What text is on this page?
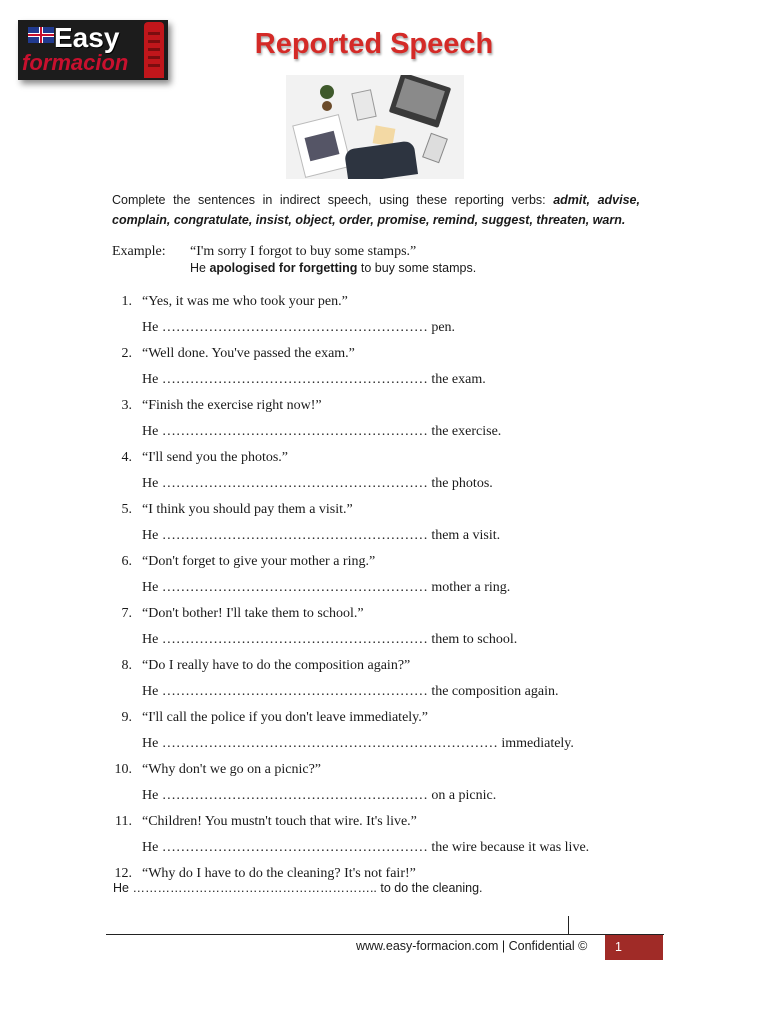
Easy
formacion
Reported Speech
Complete the sentences in indirect speech, using these reporting verbs: admit, advise, complain, congratulate, insist, object, order, promise, remind, suggest, threaten, warn.
Example: “I'm sorry I forgot to buy some stamps.”
He apologised for forgetting to buy some stamps.
1. “Yes, it was me who took your pen.”
He ………………………………………………… pen.
2. “Well done. You've passed the exam.”
He ………………………………………………… the exam.
3. “Finish the exercise right now!”
He ………………………………………………… the exercise.
4. “I'll send you the photos.”
He ………………………………………………… the photos.
5. “I think you should pay them a visit.”
He ………………………………………………… them a visit.
6. “Don't forget to give your mother a ring.”
He ………………………………………………… mother a ring.
7. “Don't bother! I'll take them to school.”
He ………………………………………………… them to school.
8. “Do I really have to do the composition again?”
He ………………………………………………… the composition again.
9. “I'll call the police if you don't leave immediately.”
He ……………………………………………………………… immediately.
10. “Why don't we go on a picnic?”
He ………………………………………………… on a picnic.
11. “Children! You mustn't touch that wire. It's live.”
He ………………………………………………… the wire because it was live.
12. “Why do I have to do the cleaning? It's not fair!”
He ………………………………………………….. to do the cleaning.
www.easy-formacion.com | Confidential © 1
